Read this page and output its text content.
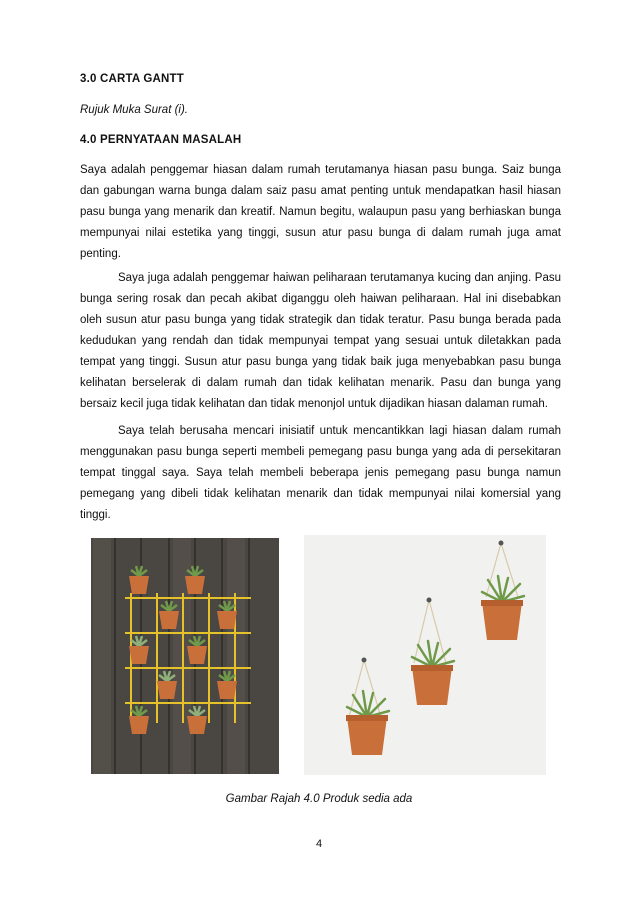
3.0 CARTA GANTT
Rujuk Muka Surat (i).
4.0 PERNYATAAN MASALAH

Saya adalah penggemar hiasan dalam rumah terutamanya hiasan pasu bunga. Saiz bunga dan gabungan warna bunga dalam saiz pasu amat penting untuk mendapatkan hasil hiasan pasu bunga yang menarik dan kreatif. Namun begitu, walaupun pasu yang berhiaskan bunga mempunyai nilai estetika yang tinggi, susun atur pasu bunga di dalam rumah juga amat penting.

Saya juga adalah penggemar haiwan peliharaan terutamanya kucing dan anjing. Pasu bunga sering rosak dan pecah akibat diganggu oleh haiwan peliharaan. Hal ini disebabkan oleh susun atur pasu bunga yang tidak strategik dan tidak teratur. Pasu bunga berada pada kedudukan yang rendah dan tidak mempunyai tempat yang sesuai untuk diletakkan pada tempat yang tinggi. Susun atur pasu bunga yang tidak baik juga menyebabkan pasu bunga kelihatan berselerak di dalam rumah dan tidak kelihatan menarik. Pasu dan bunga yang bersaiz kecil juga tidak kelihatan dan tidak menonjol untuk dijadikan hiasan dalaman rumah.

Saya telah berusaha mencari inisiatif untuk mencantikkan lagi hiasan dalam rumah menggunakan pasu bunga seperti membeli pemegang pasu bunga yang ada di persekitaran tempat tinggal saya. Saya telah membeli beberapa jenis pemegang pasu bunga namun pemegang yang dibeli tidak kelihatan menarik dan tidak mempunyai nilai komersial yang tinggi.

Gambar Rajah 4.0 Produk sedia ada
4
